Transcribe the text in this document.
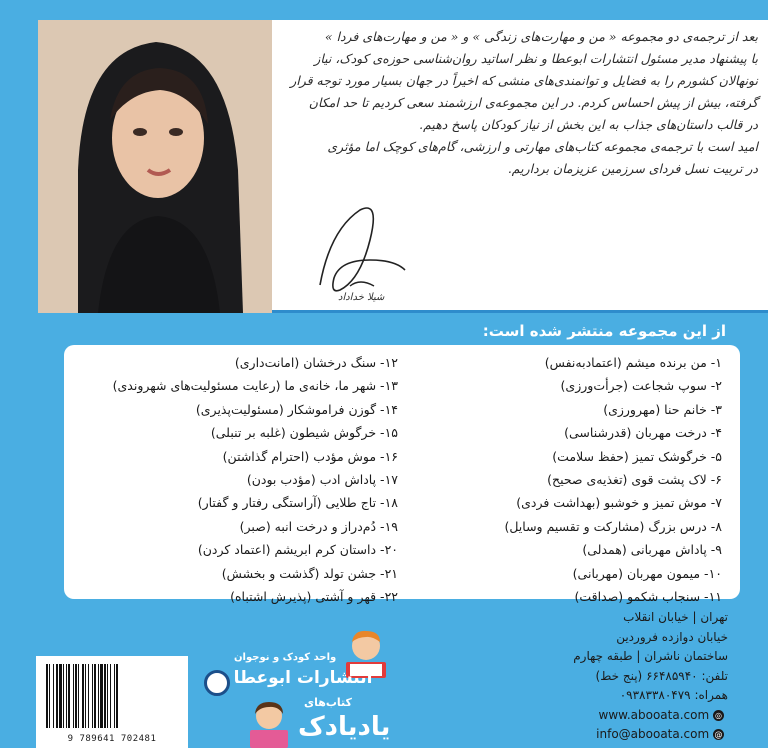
بعد از ترجمه‌ی دو مجموعه « من و مهارت‌های زندگی » و « من و مهارت‌های فردا »

با پیشنهاد مدیر مسئول انتشارات ابوعطا و نظر اساتید روان‌شناسی حوزه‌ی کودک، نیاز

نونهالان کشورم را به فضایل و توانمندی‌های منشی که اخیراً در جهان بسیار مورد توجه قرار

گرفته، بیش از پیش احساس کردم. در این مجموعه‌ی ارزشمند سعی کردیم تا حد امکان

در قالب داستان‌های جذاب به این بخش از نیاز کودکان پاسخ دهیم.

امید است با ترجمه‌ی مجموعه کتاب‌های مهارتی و ارزشی، گام‌های کوچک اما مؤثری

در تربیت نسل فردای سرزمین عزیزمان برداریم.

شیلا خداداد
از این مجموعه منتشر شده است:
۱- من برنده میشم (اعتمادبه‌نفس)
۲- سوپ شجاعت (جرأت‌ورزی)
۳- خانم حنا (مهرورزی)
۴- درخت مهربان (قدرشناسی)
۵- خرگوشک تمیز (حفظ سلامت)
۶- لاک پشت قوی (تغذیه‌ی صحیح)
۷- موش تمیز و خوشبو (بهداشت فردی)
۸- درس بزرگ (مشارکت و تقسیم وسایل)
۹- پاداش مهربانی (همدلی)
۱۰- میمون مهربان (مهربانی)
۱۱- سنجاب شکمو (صداقت)
۱۲- سنگ درخشان (امانت‌داری)
۱۳- شهر ما، خانه‌ی ما (رعایت مسئولیت‌های شهروندی)
۱۴- گوزن فراموشکار (مسئولیت‌پذیری)
۱۵- خرگوش شیطون (غلبه بر تنبلی)
۱۶- موش مؤدب (احترام گذاشتن)
۱۷- پاداش ادب (مؤدب بودن)
۱۸- تاج طلایی (آراستگی رفتار و گفتار)
۱۹- دُم‌دراز و درخت انبه (صبر)
۲۰- داستان کرم ابریشم (اعتماد کردن)
۲۱- جشن تولد (گذشت و بخشش)
۲۲- قهر و آشتی (پذیرش اشتباه)
تهران | خیابان انقلاب
خیابان دوازده فروردین
ساختمان ناشران | طبقه چهارم
تلفن: ۶۶۴۸۵۹۴۰ (پنج خط)
همراه: ۰۹۳۸۳۳۸۰۴۷۹
www.abooata.com ◎
info@abooata.com @
9 789641 702481
واحد کودک و نوجوان
انتشارات ابوعطا
کتاب‌های
یادیادک
